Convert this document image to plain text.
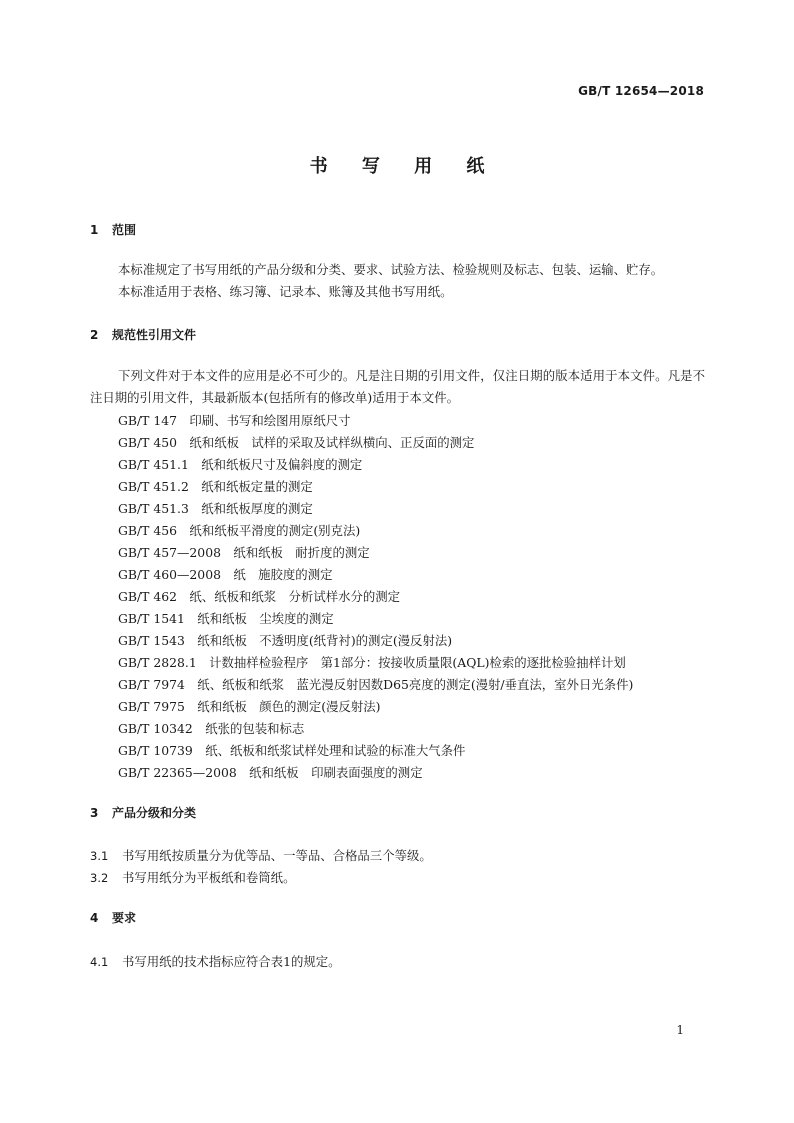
GB/T 12654—2018
书 写 用 纸
1 范围
本标准规定了书写用纸的产品分级和分类、要求、试验方法、检验规则及标志、包装、运输、贮存。
本标准适用于表格、练习簿、记录本、账簿及其他书写用纸。
2 规范性引用文件
下列文件对于本文件的应用是必不可少的。凡是注日期的引用文件，仅注日期的版本适用于本文件。凡是不注日期的引用文件，其最新版本(包括所有的修改单)适用于本文件。
GB/T 147　印刷、书写和绘图用原纸尺寸
GB/T 450　纸和纸板　试样的采取及试样纵横向、正反面的测定
GB/T 451.1　纸和纸板尺寸及偏斜度的测定
GB/T 451.2　纸和纸板定量的测定
GB/T 451.3　纸和纸板厚度的测定
GB/T 456　纸和纸板平滑度的测定(别克法)
GB/T 457—2008　纸和纸板　耐折度的测定
GB/T 460—2008　纸　施胶度的测定
GB/T 462　纸、纸板和纸浆　分析试样水分的测定
GB/T 1541　纸和纸板　尘埃度的测定
GB/T 1543　纸和纸板　不透明度(纸背衬)的测定(漫反射法)
GB/T 2828.1　计数抽样检验程序　第1部分：按接收质量限(AQL)检索的逐批检验抽样计划
GB/T 7974　纸、纸板和纸浆　蓝光漫反射因数D65亮度的测定(漫射/垂直法，室外日光条件)
GB/T 7975　纸和纸板　颜色的测定(漫反射法)
GB/T 10342　纸张的包装和标志
GB/T 10739　纸、纸板和纸浆试样处理和试验的标准大气条件
GB/T 22365—2008　纸和纸板　印刷表面强度的测定
3 产品分级和分类
3.1 书写用纸按质量分为优等品、一等品、合格品三个等级。
3.2 书写用纸分为平板纸和卷筒纸。
4 要求
4.1 书写用纸的技术指标应符合表1的规定。
1
